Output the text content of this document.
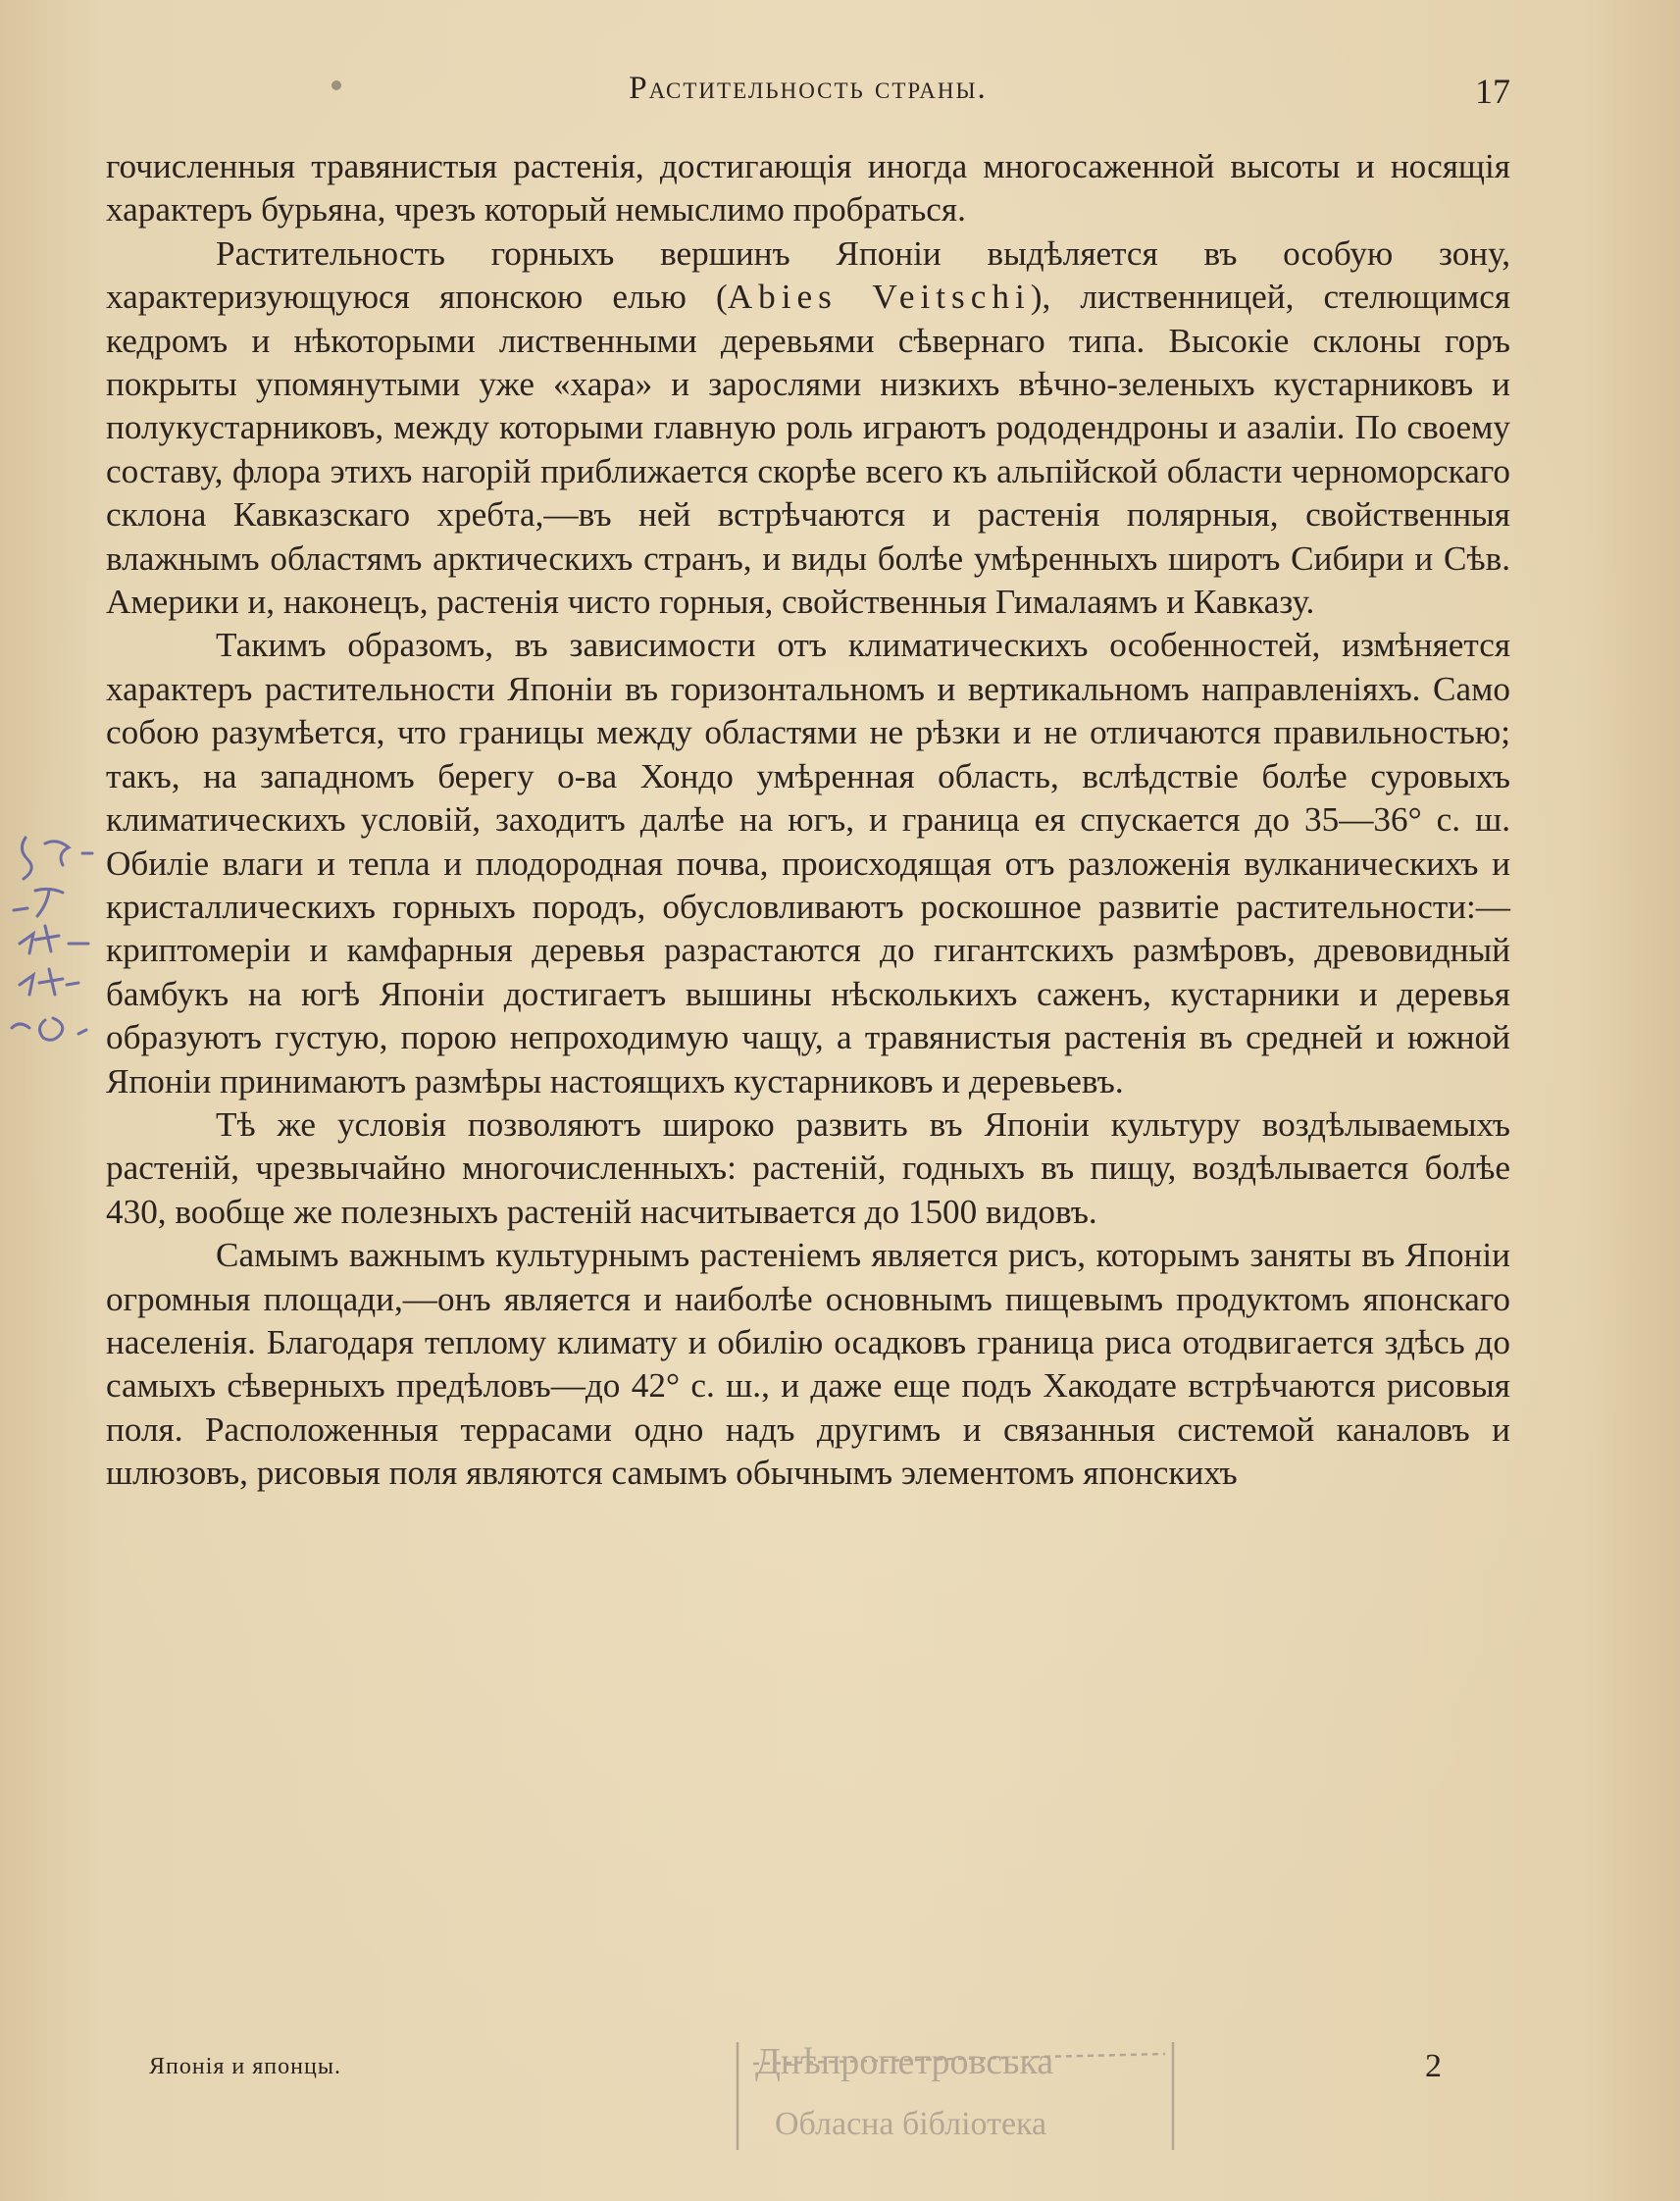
Растительность страны.	17

гочисленныя травянистыя растенія, достигающія иногда многосаженной высоты и носящія характеръ бурьяна, чрезъ который немыслимо пробраться.

Растительность горныхъ вершинъ Японіи выдѣляется въ особую зону, характеризующуюся японскою елью (Abies Veitschi), лиственницей, стелющимся кедромъ и нѣкоторыми лиственными деревьями сѣвернаго типа. Высокіе склоны горъ покрыты упомянутыми уже «хара» и зарослями низкихъ вѣчно-зеленыхъ кустарниковъ и полукустарниковъ, между которыми главную роль играютъ рододендроны и азаліи. По своему составу, флора этихъ нагорій приближается скорѣе всего къ альпійской области черноморскаго склона Кавказскаго хребта,—въ ней встрѣчаются и растенія полярныя, свойственныя влажнымъ областямъ арктическихъ странъ, и виды болѣе умѣренныхъ широтъ Сибири и Сѣв. Америки и, наконецъ, растенія чисто горныя, свойственныя Гималаямъ и Кавказу.

Такимъ образомъ, въ зависимости отъ климатическихъ особенностей, измѣняется характеръ растительности Японіи въ горизонтальномъ и вертикальномъ направленіяхъ. Само собою разумѣется, что границы между областями не рѣзки и не отличаются правильностью; такъ, на западномъ берегу о-ва Хондо умѣренная область, вслѣдствіе болѣе суровыхъ климатическихъ условій, заходитъ далѣе на югъ, и граница ея спускается до 35—36° с. ш. Обиліе влаги и тепла и плодородная почва, происходящая отъ разложенія вулканическихъ и кристаллическихъ горныхъ породъ, обусловливаютъ роскошное развитіе растительности:—криптомеріи и камфарныя деревья разрастаются до гигантскихъ размѣровъ, древовидный бамбукъ на югѣ Японіи достигаетъ вышины нѣсколькихъ саженъ, кустарники и деревья образуютъ густую, порою непроходимую чащу, а травянистыя растенія въ средней и южной Японіи принимаютъ размѣры настоящихъ кустарниковъ и деревьевъ.

Тѣ же условія позволяютъ широко развить въ Японіи культуру воздѣлываемыхъ растеній, чрезвычайно многочисленныхъ: растеній, годныхъ въ пищу, воздѣлывается болѣе 430, вообще же полезныхъ растеній насчитывается до 1500 видовъ.

Самымъ важнымъ культурнымъ растеніемъ является рисъ, которымъ заняты въ Японіи огромныя площади,—онъ является и наиболѣе основнымъ пищевымъ продуктомъ японскаго населенія. Благодаря теплому климату и обилію осадковъ граница риса отодвигается здѣсь до самыхъ сѣверныхъ предѣловъ—до 42° с. ш., и даже еще подъ Хакодате встрѣчаются рисовыя поля. Расположенныя террасами одно надъ другимъ и связанныя системой каналовъ и шлюзовъ, рисовыя поля являются самымъ обычнымъ элементомъ японскихъ

Японія и японцы.	2
Днѣпропетровська
Обласна бібліотека
